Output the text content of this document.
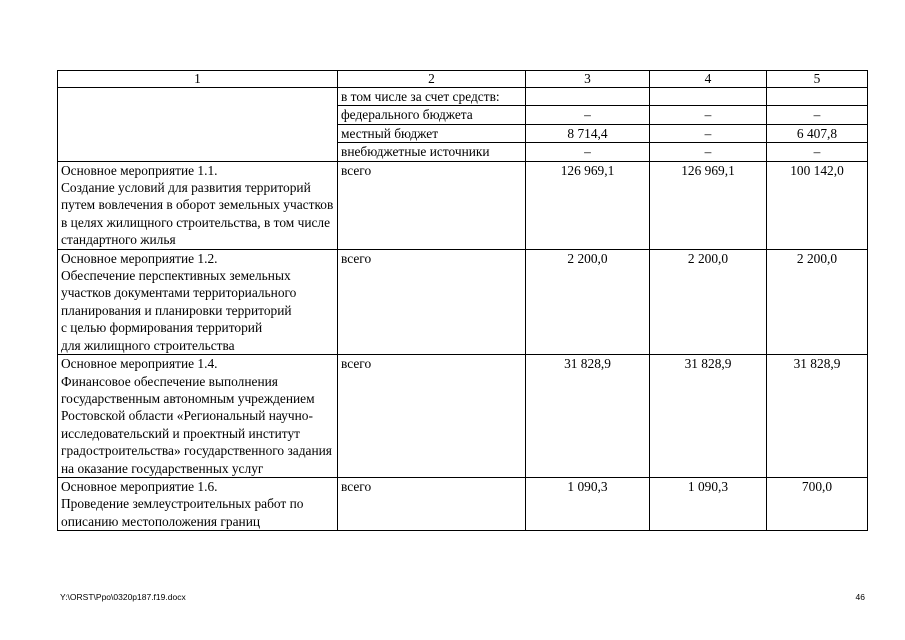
1	2	3	4	5
	в том числе за счет средств:			
	федерального бюджета	–	–	–
	местный бюджет	8 714,4	–	6 407,8
	внебюджетные источники	–	–	–
Основное мероприятие 1.1.
Создание условий для развития территорий путем вовлечения в оборот земельных участков в целях жилищного строительства, в том числе стандартного жилья	всего	126 969,1	126 969,1	100 142,0
Основное мероприятие 1.2.
Обеспечение перспективных земельных участков документами территориального планирования и планировки территорий
с целью формирования территорий
для жилищного строительства	всего	2 200,0	2 200,0	2 200,0
Основное мероприятие 1.4.
Финансовое обеспечение выполнения государственным автономным учреждением Ростовской области «Региональный научно-исследовательский и проектный институт градостроительства» государственного задания на оказание государственных услуг	всего	31 828,9	31 828,9	31 828,9
Основное мероприятие 1.6.
Проведение землеустроительных работ по описанию местоположения границ	всего	1 090,3	1 090,3	700,0
Y:\ORST\Ppo\0320p187.f19.docx	46
